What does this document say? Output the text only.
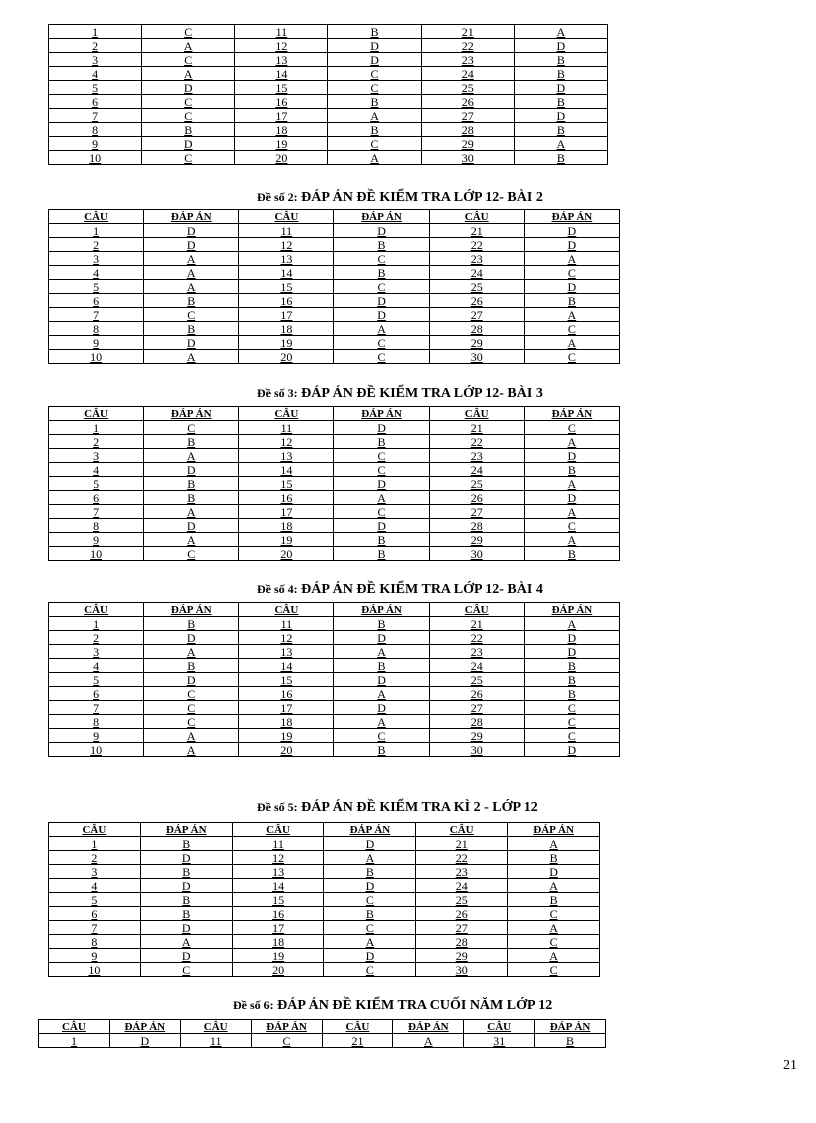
1	C	11	B	21	A
2	A	12	D	22	D
3	C	13	D	23	B
4	A	14	C	24	B
5	D	15	C	25	D
6	C	16	B	26	B
7	C	17	A	27	D
8	B	18	B	28	B
9	D	19	C	29	A
10	C	20	A	30	B
Đề số 2: ĐÁP ÁN ĐỀ KIỂM TRA LỚP 12- BÀI 2
CÂU	ĐÁP ÁN	CÂU	ĐÁP ÁN	CÂU	ĐÁP ÁN
1	D	11	D	21	D
2	D	12	B	22	D
3	A	13	C	23	A
4	A	14	B	24	C
5	A	15	C	25	D
6	B	16	D	26	B
7	C	17	D	27	A
8	B	18	A	28	C
9	D	19	C	29	A
10	A	20	C	30	C
Đề số 3: ĐÁP ÁN ĐỀ KIỂM TRA LỚP 12- BÀI 3
CÂU	ĐÁP ÁN	CÂU	ĐÁP ÁN	CÂU	ĐÁP ÁN
1	C	11	D	21	C
2	B	12	B	22	A
3	A	13	C	23	D
4	D	14	C	24	B
5	B	15	D	25	A
6	B	16	A	26	D
7	A	17	C	27	A
8	D	18	D	28	C
9	A	19	B	29	A
10	C	20	B	30	B
Đề số 4: ĐÁP ÁN ĐỀ KIỂM TRA LỚP 12- BÀI 4
CÂU	ĐÁP ÁN	CÂU	ĐÁP ÁN	CÂU	ĐÁP ÁN
1	B	11	B	21	A
2	D	12	D	22	D
3	A	13	A	23	D
4	B	14	B	24	B
5	D	15	D	25	B
6	C	16	A	26	B
7	C	17	D	27	C
8	C	18	A	28	C
9	A	19	C	29	C
10	A	20	B	30	D
Đề số 5: ĐÁP ÁN ĐỀ KIỂM TRA KÌ 2 - LỚP 12
CÂU	ĐÁP ÁN	CÂU	ĐÁP ÁN	CÂU	ĐÁP ÁN
1	B	11	D	21	A
2	D	12	A	22	B
3	B	13	B	23	D
4	D	14	D	24	A
5	B	15	C	25	B
6	B	16	B	26	C
7	D	17	C	27	A
8	A	18	A	28	C
9	D	19	D	29	A
10	C	20	C	30	C
Đề số 6: ĐÁP ÁN ĐỀ KIỂM TRA CUỐI NĂM LỚP 12
CÂU	ĐÁP ÁN	CÂU	ĐÁP ÁN	CÂU	ĐÁP ÁN	CÂU	ĐÁP ÁN
1	D	11	C	21	A	31	B
21
